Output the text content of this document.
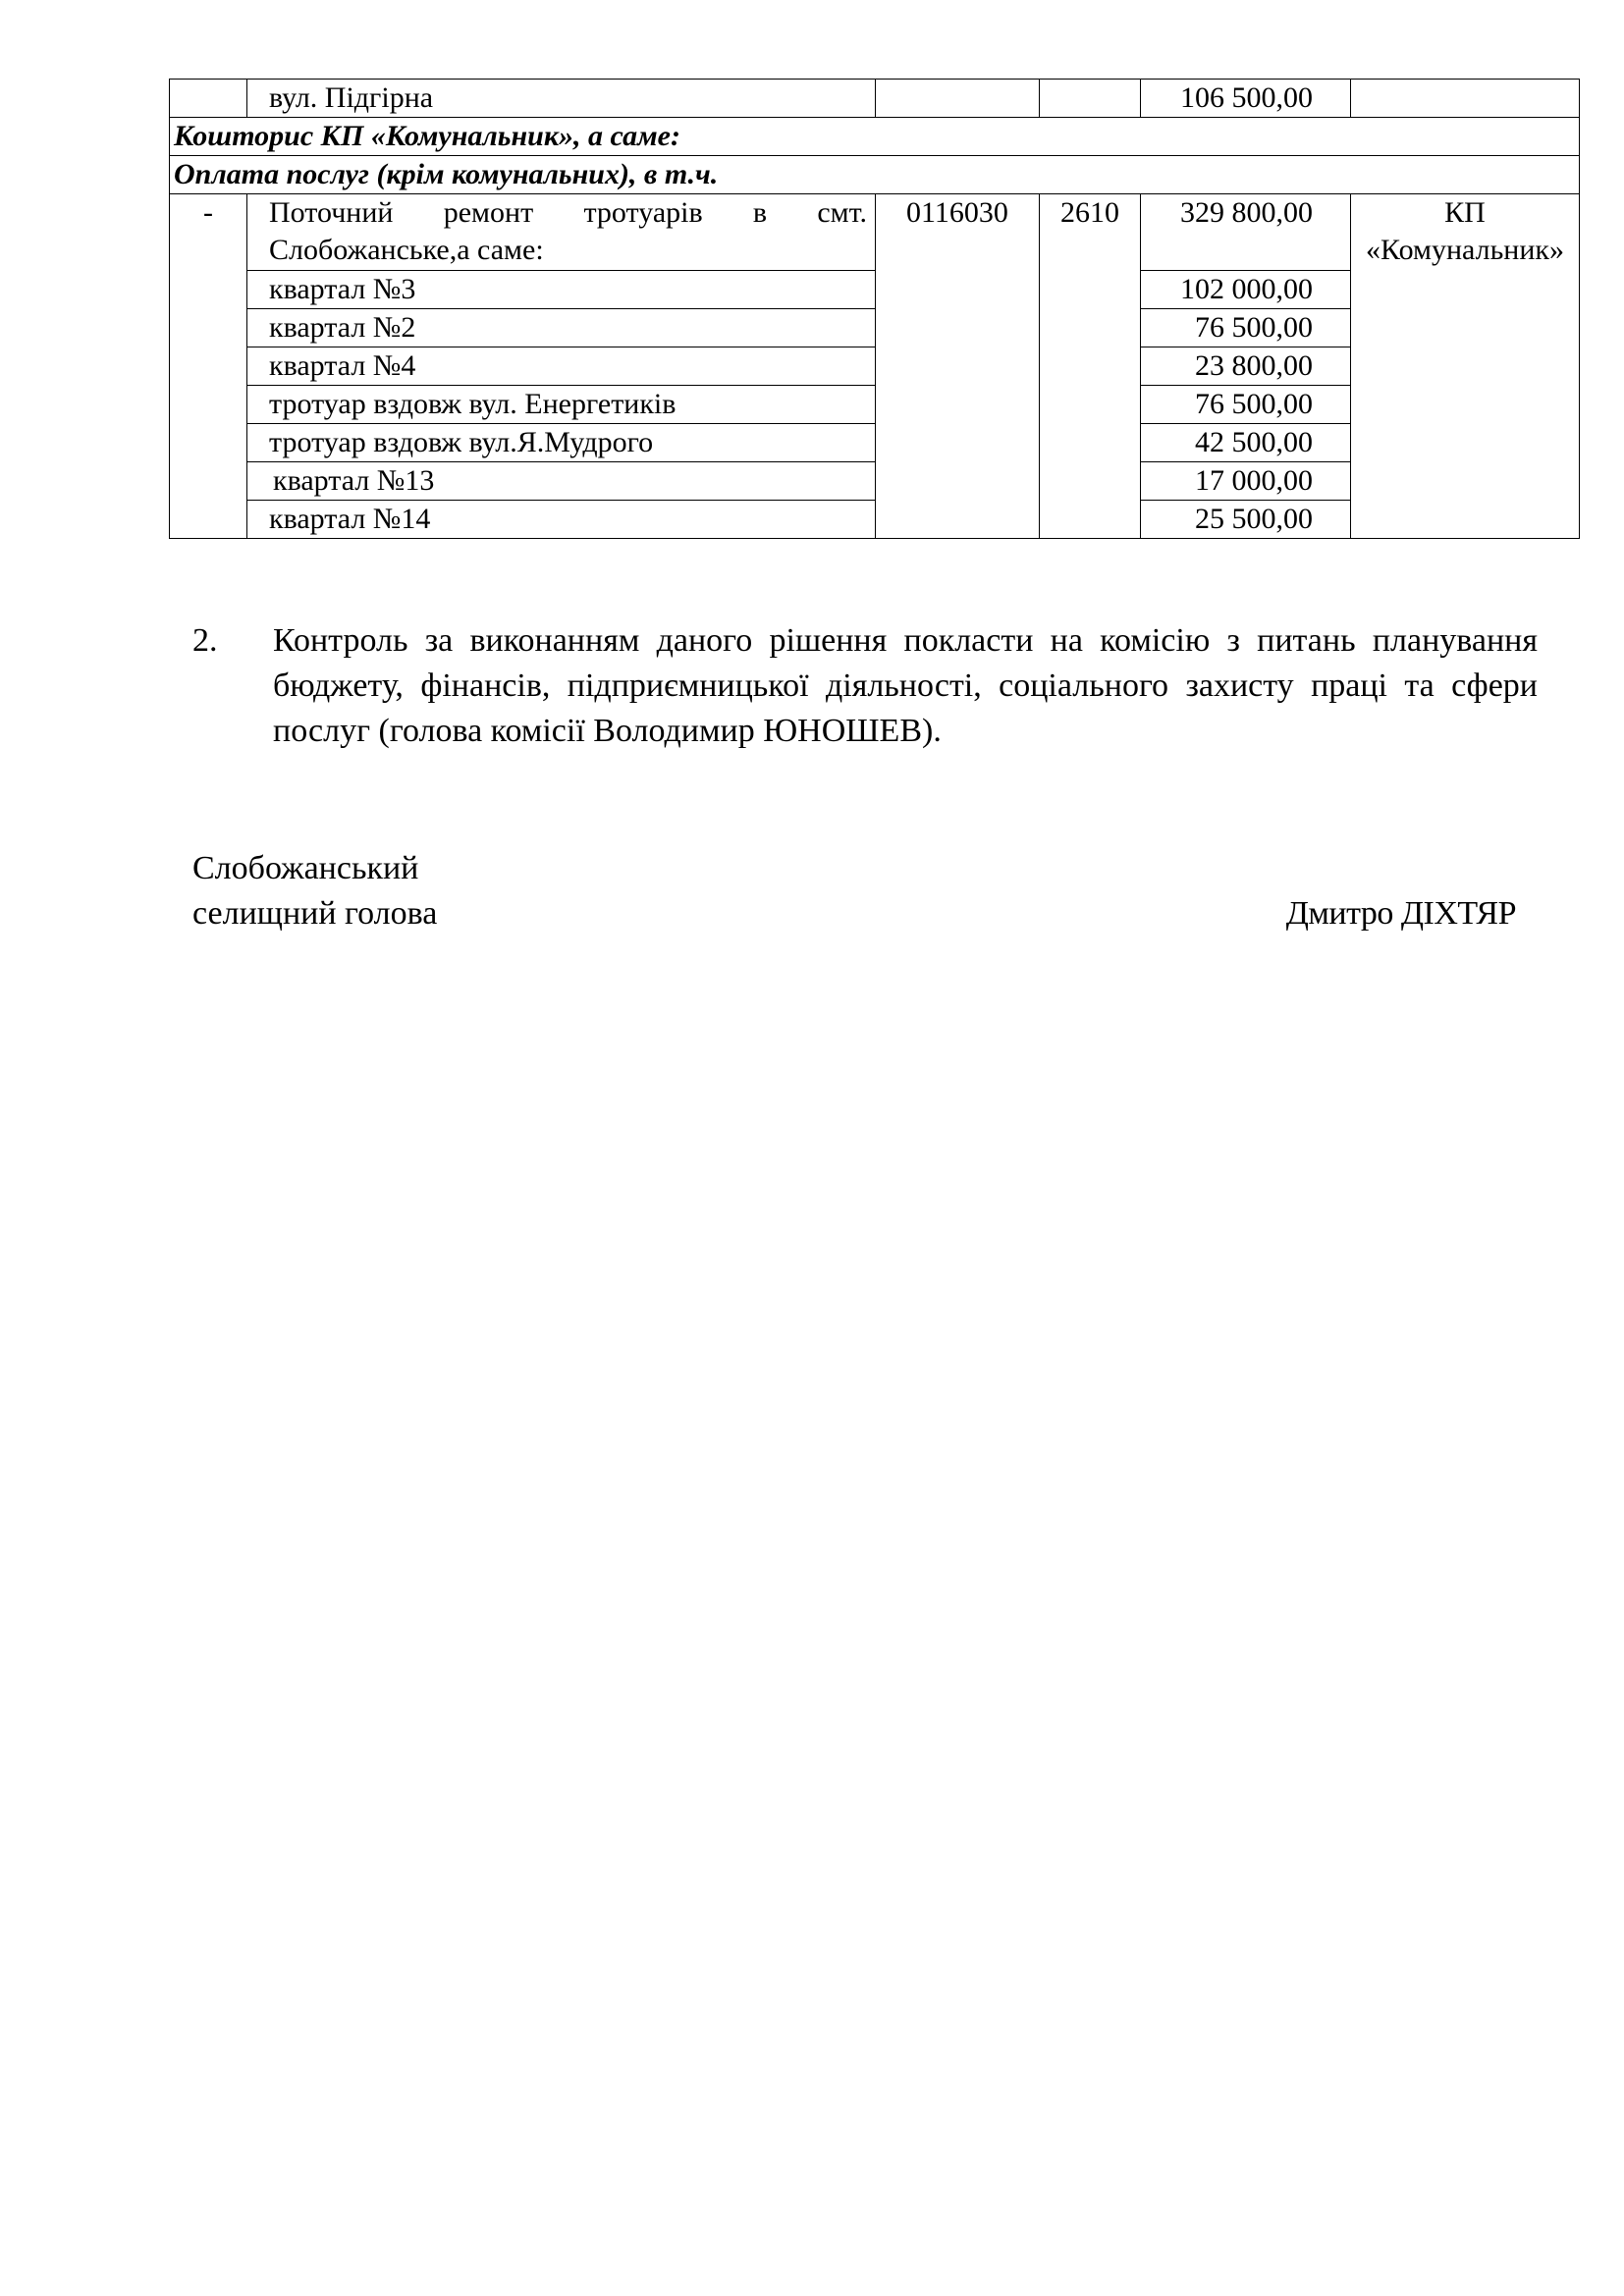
	вул. Підгірна			106 500,00	
Кошторис КП «Комунальник», а саме:					
Оплата послуг (крім комунальних), в т.ч.					
-	Поточний ремонт тротуарів в смт. Слобожанське,а саме:	0116030	2610	329 800,00	КП «Комунальник»
	квартал №3			102 000,00	
	квартал №2			76 500,00	
	квартал №4			23 800,00	
	тротуар вздовж вул. Енергетиків			76 500,00	
	тротуар вздовж вул.Я.Мудрого			42 500,00	
	квартал №13			17 000,00	
	квартал №14			25 500,00	
2. Контроль за виконанням даного рішення покласти на комісію з питань планування бюджету, фінансів, підприємницької діяльності, соціального захисту праці та сфери послуг (голова комісії Володимир ЮНОШЕВ).
Слобожанський
селищний голова	Дмитро ДІХТЯР
